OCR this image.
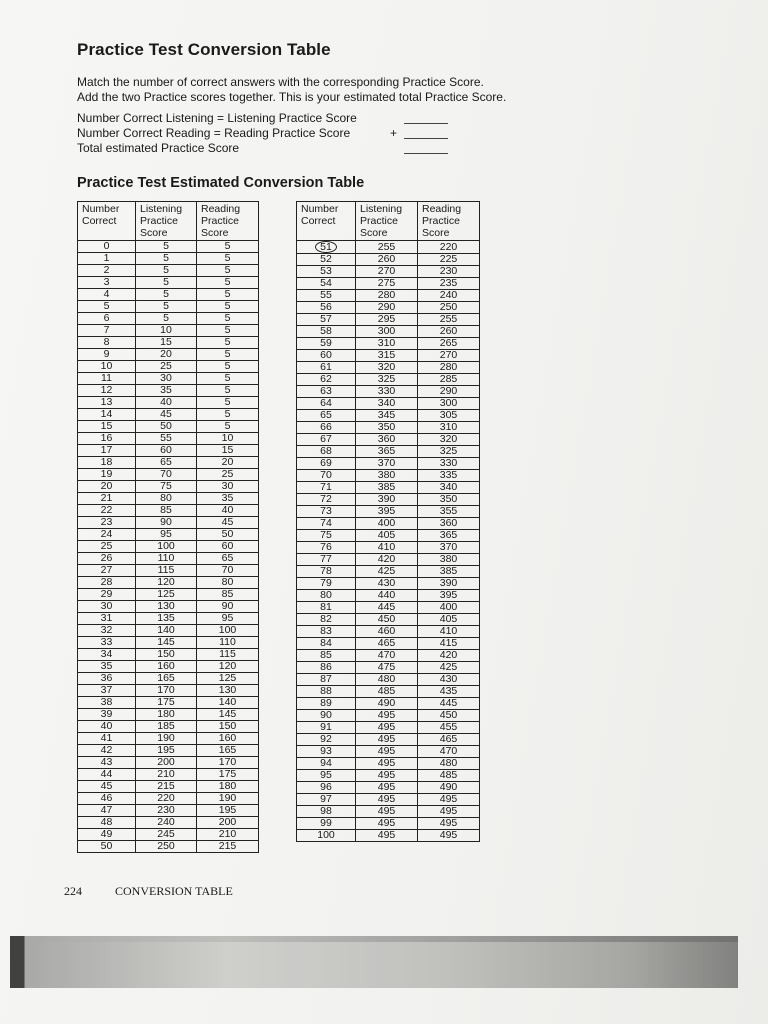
Practice Test Conversion Table
Match the number of correct answers with the corresponding Practice Score.
Add the two Practice scores together. This is your estimated total Practice Score.
Number Correct Listening = Listening Practice Score
Number Correct Reading = Reading Practice Score	+
Total estimated Practice Score
Practice Test Estimated Conversion Table
Number Correct	Listening Practice Score	Reading Practice Score
0	5	5
1	5	5
2	5	5
3	5	5
4	5	5
5	5	5
6	5	5
7	10	5
8	15	5
9	20	5
10	25	5
11	30	5
12	35	5
13	40	5
14	45	5
15	50	5
16	55	10
17	60	15
18	65	20
19	70	25
20	75	30
21	80	35
22	85	40
23	90	45
24	95	50
25	100	60
26	110	65
27	115	70
28	120	80
29	125	85
30	130	90
31	135	95
32	140	100
33	145	110
34	150	115
35	160	120
36	165	125
37	170	130
38	175	140
39	180	145
40	185	150
41	190	160
42	195	165
43	200	170
44	210	175
45	215	180
46	220	190
47	230	195
48	240	200
49	245	210
50	250	215
Number Correct	Listening Practice Score	Reading Practice Score
51	255	220
52	260	225
53	270	230
54	275	235
55	280	240
56	290	250
57	295	255
58	300	260
59	310	265
60	315	270
61	320	280
62	325	285
63	330	290
64	340	300
65	345	305
66	350	310
67	360	320
68	365	325
69	370	330
70	380	335
71	385	340
72	390	350
73	395	355
74	400	360
75	405	365
76	410	370
77	420	380
78	425	385
79	430	390
80	440	395
81	445	400
82	450	405
83	460	410
84	465	415
85	470	420
86	475	425
87	480	430
88	485	435
89	490	445
90	495	450
91	495	455
92	495	465
93	495	470
94	495	480
95	495	485
96	495	490
97	495	495
98	495	495
99	495	495
100	495	495
224	CONVERSION TABLE
